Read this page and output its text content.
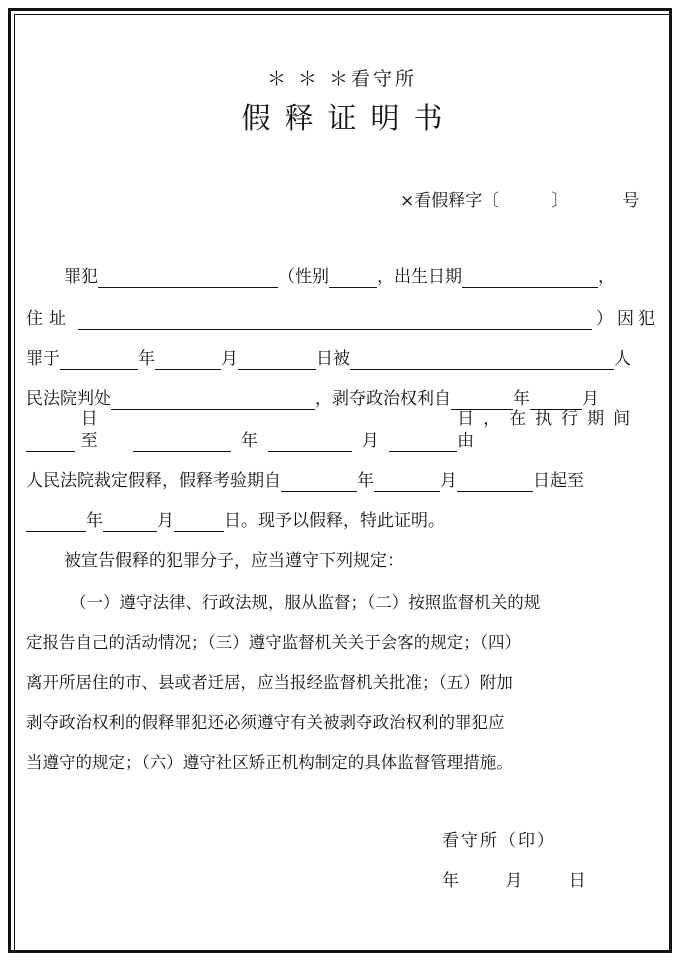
＊ ＊ ＊看守所
假释证明书
×看假释字〔	〕	号
罪犯	（性别	，出生日期	，
住址	）因犯
罪于	年	月	日被	人
民法院判处	，剥夺政治权利自	年	月
日至	年	月
日，在执行期间由
人民法院裁定假释，假释考验期自	年	月	日起至
年	月	日。现予以假释，特此证明。
被宣告假释的犯罪分子，应当遵守下列规定：
（一）遵守法律、行政法规，服从监督；（二）按照监督机关的规
定报告自己的活动情况；（三）遵守监督机关关于会客的规定；（四）
离开所居住的市、县或者迁居，应当报经监督机关批准；（五）附加
剥夺政治权利的假释罪犯还必须遵守有关被剥夺政治权利的罪犯应
当遵守的规定；（六）遵守社区矫正机构制定的具体监督管理措施。
看守所（印）
年　 月　 日
